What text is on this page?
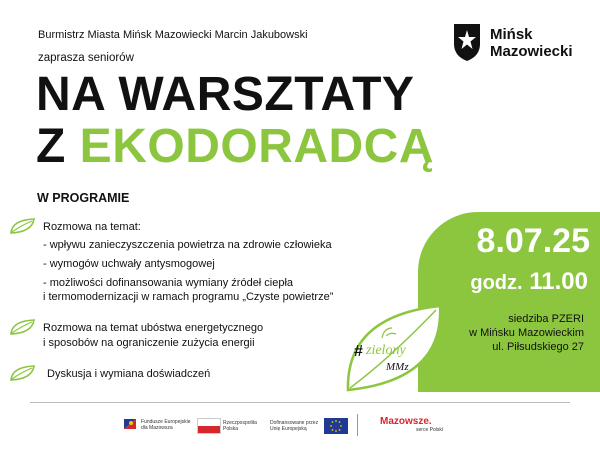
Burmistrz Miasta Mińsk Mazowiecki Marcin Jakubowski
zaprasza seniorów
Mińsk
Mazowiecki
NA WARSZTATY
Z EKODORADCĄ
W PROGRAMIE
Rozmowa na temat:
- wpływu zanieczyszczenia powietrza na zdrowie człowieka
- wymogów uchwały antysmogowej
- możliwości dofinansowania wymiany źródeł ciepła
i termomodernizacji w ramach programu „Czyste powietrze”
Rozmowa na temat ubóstwa energetycznego
i sposobów na ograniczenie zużycia energii
Dyskusja i wymiana doświadczeń
8.07.25
godz. 11.00
siedziba PZERI
w Mińsku Mazowieckim
ul. Piłsudskiego 27
# zielony
MMz
Fundusze Europejskie
dla Mazowsza
Rzeczpospolita
Polska
Dofinansowane przez
Unię Europejską
Mazowsze.
serce Polski
